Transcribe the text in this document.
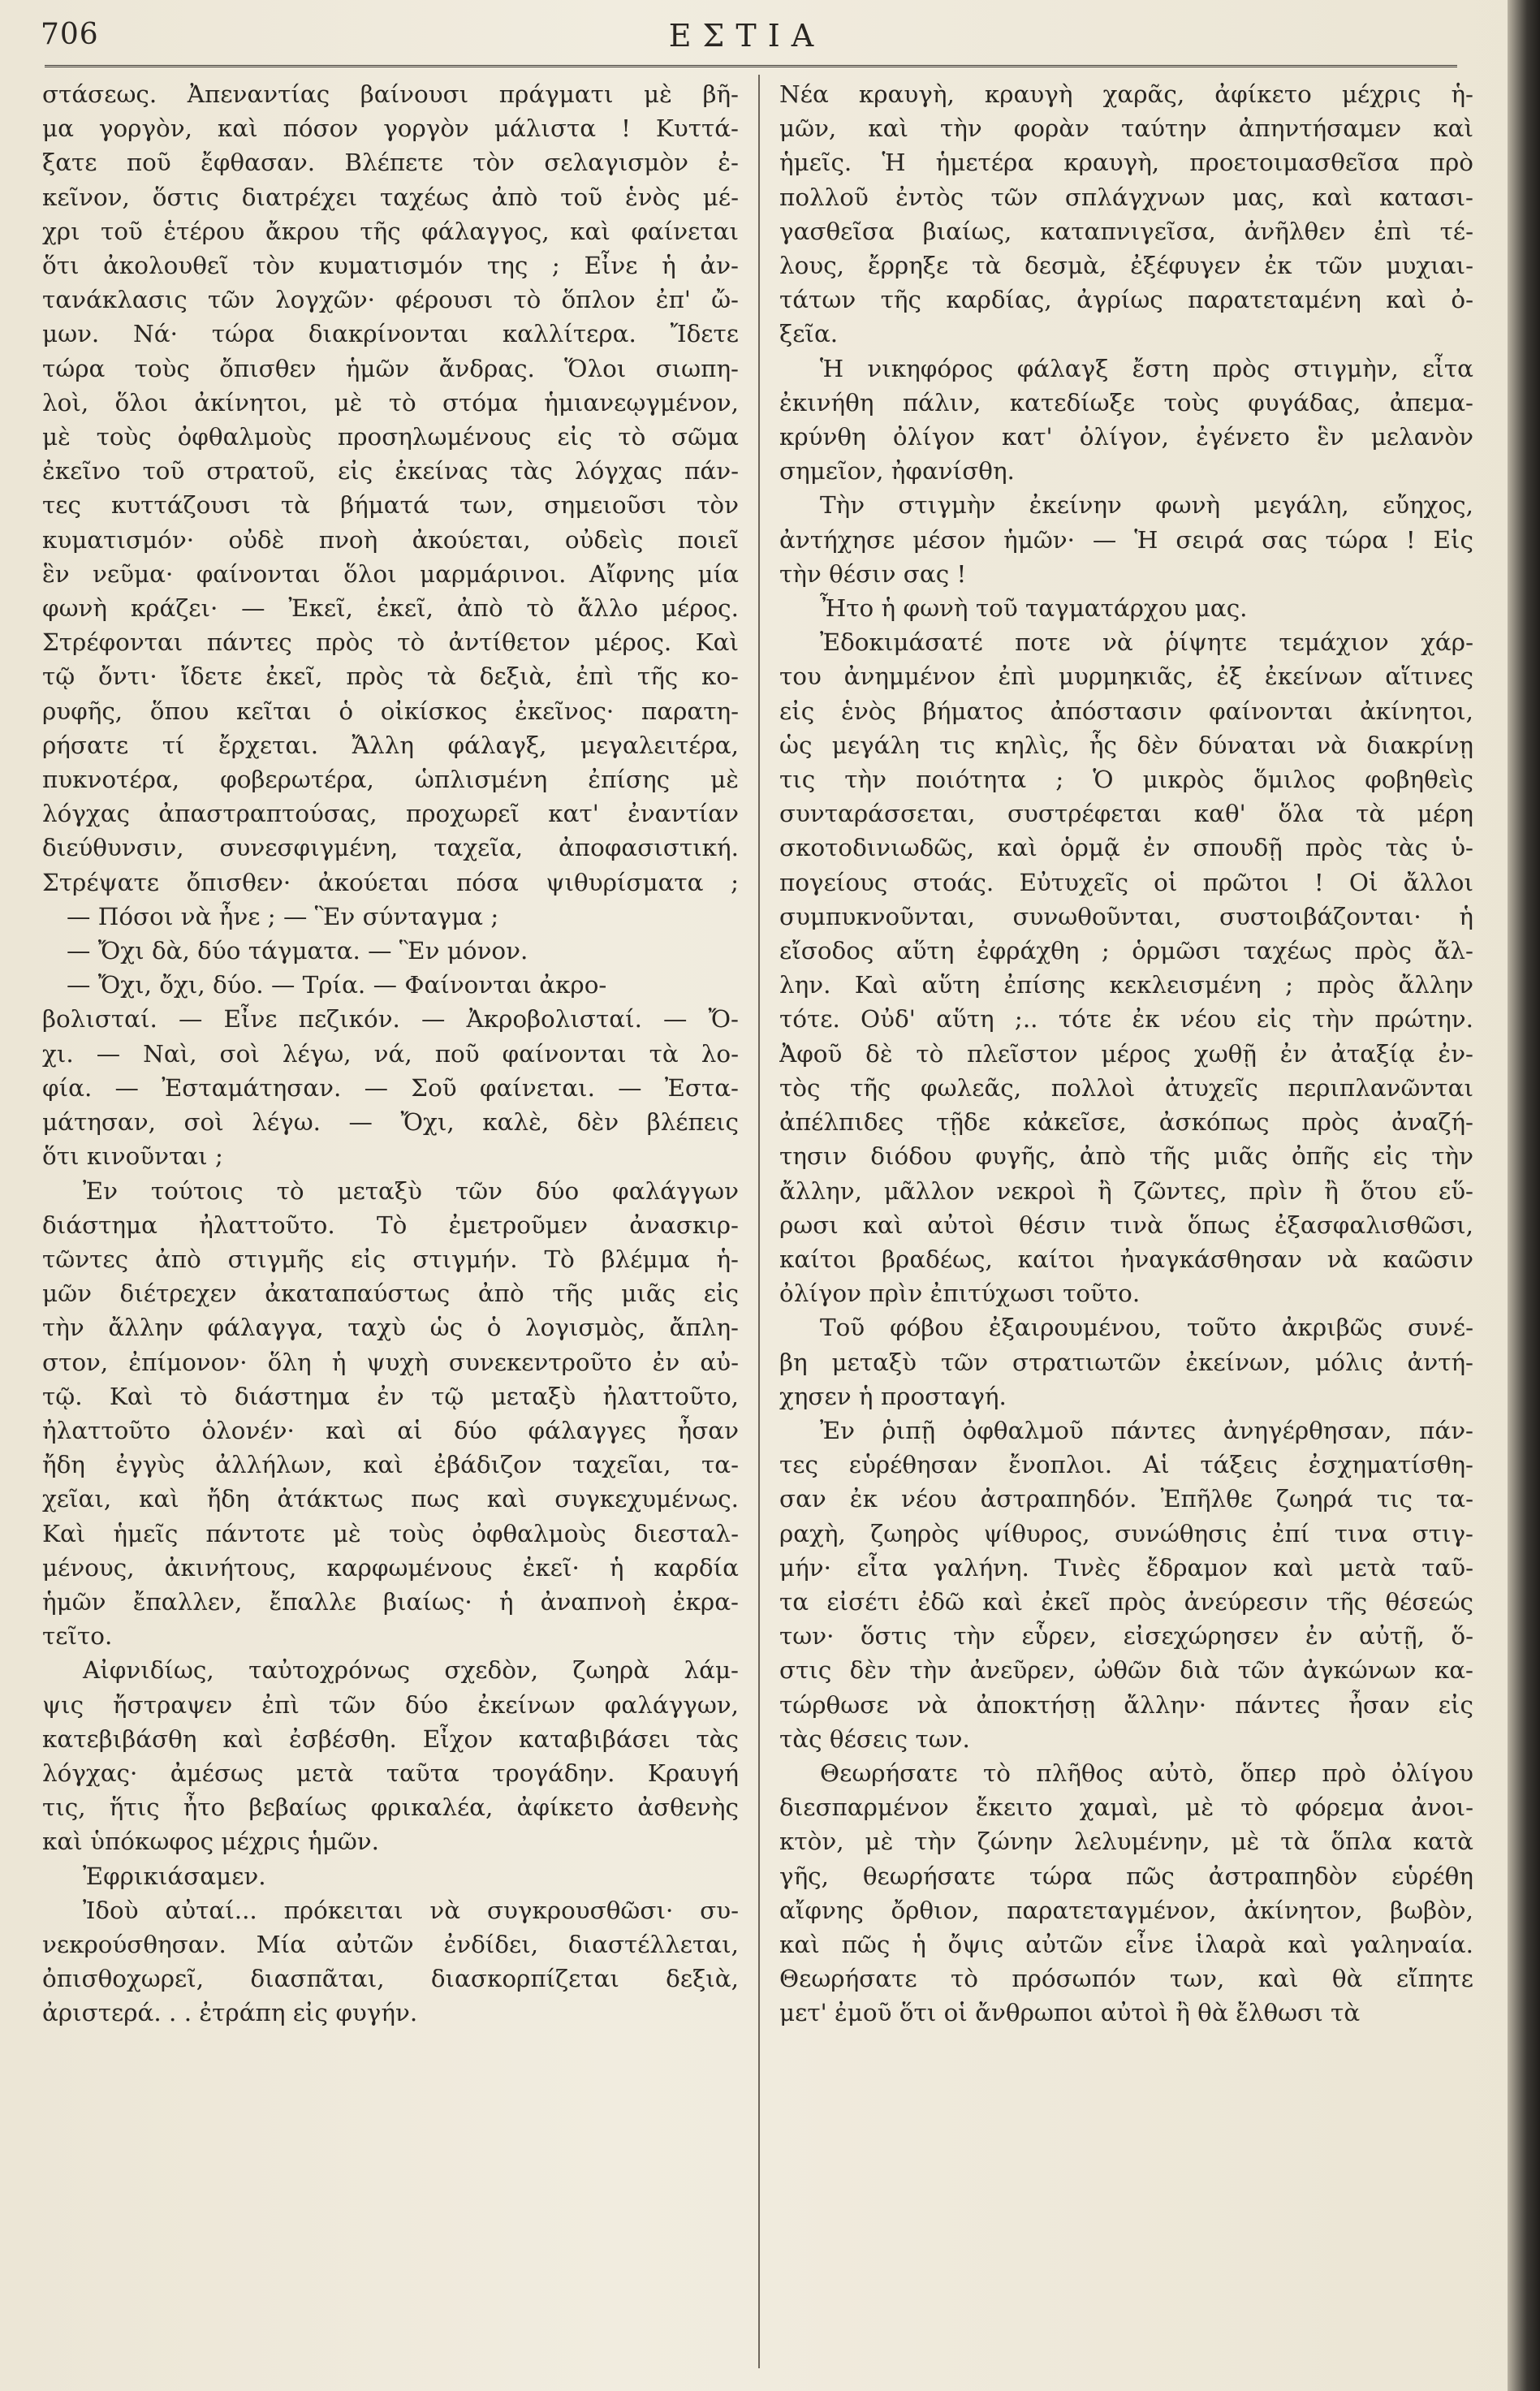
706	ΕΣΤΙΑ
στάσεως. Ἀπεναντίας βαίνουσι πράγματι μὲ βῆ-
μα γοργὸν, καὶ πόσον γοργὸν μάλιστα ! Κυττά-
ξατε ποῦ ἔφθασαν. Βλέπετε τὸν σελαγισμὸν ἐ-
κεῖνον, ὅστις διατρέχει ταχέως ἀπὸ τοῦ ἑνὸς μέ-
χρι τοῦ ἑτέρου ἄκρου τῆς φάλαγγος, καὶ φαίνεται
ὅτι ἀκολουθεῖ τὸν κυματισμόν της ; Εἶνε ἡ ἀν-
τανάκλασις τῶν λογχῶν· φέρουσι τὸ ὅπλον ἐπ' ὤ-
μων. Νά· τώρα διακρίνονται καλλίτερα. Ἴδετε
τώρα τοὺς ὄπισθεν ἡμῶν ἄνδρας. Ὅλοι σιωπη-
λοὶ, ὅλοι ἀκίνητοι, μὲ τὸ στόμα ἡμιανεῳγμένον,
μὲ τοὺς ὀφθαλμοὺς προσηλωμένους εἰς τὸ σῶμα
ἐκεῖνο τοῦ στρατοῦ, εἰς ἐκείνας τὰς λόγχας πάν-
τες κυττάζουσι τὰ βήματά των, σημειοῦσι τὸν
κυματισμόν· οὐδὲ πνοὴ ἀκούεται, οὐδεὶς ποιεῖ
ἓν νεῦμα· φαίνονται ὅλοι μαρμάρινοι. Αἴφνης μία
φωνὴ κράζει· — Ἐκεῖ, ἐκεῖ, ἀπὸ τὸ ἄλλο μέρος.
Στρέφονται πάντες πρὸς τὸ ἀντίθετον μέρος. Καὶ
τῷ ὄντι· ἴδετε ἐκεῖ, πρὸς τὰ δεξιὰ, ἐπὶ τῆς κο-
ρυφῆς, ὅπου κεῖται ὁ οἰκίσκος ἐκεῖνος· παρατη-
ρήσατε τί ἔρχεται. Ἄλλη φάλαγξ, μεγαλειτέρα,
πυκνοτέρα, φοβερωτέρα, ὡπλισμένη ἐπίσης μὲ
λόγχας ἀπαστραπτούσας, προχωρεῖ κατ' ἐναντίαν
διεύθυνσιν, συνεσφιγμένη, ταχεῖα, ἀποφασιστική.
Στρέψατε ὄπισθεν· ἀκούεται πόσα ψιθυρίσματα ;
— Πόσοι νὰ ἦνε ; — Ἓν σύνταγμα ;
— Ὄχι δὰ, δύο τάγματα. — Ἓν μόνον.
— Ὄχι, ὄχι, δύο. — Τρία. — Φαίνονται ἀκρο-
βολισταί. — Εἶνε πεζικόν. — Ἀκροβολισταί. — Ὄ-
χι. — Ναὶ, σοὶ λέγω, νά, ποῦ φαίνονται τὰ λο-
φία. — Ἐσταμάτησαν. — Σοῦ φαίνεται. — Ἐστα-
μάτησαν, σοὶ λέγω. — Ὄχι, καλὲ, δὲν βλέπεις
ὅτι κινοῦνται ;
Ἐν τούτοις τὸ μεταξὺ τῶν δύο φαλάγγων
διάστημα ἠλαττοῦτο. Τὸ ἐμετροῦμεν ἀνασκιρ-
τῶντες ἀπὸ στιγμῆς εἰς στιγμήν. Τὸ βλέμμα ἡ-
μῶν διέτρεχεν ἀκαταπαύστως ἀπὸ τῆς μιᾶς εἰς
τὴν ἄλλην φάλαγγα, ταχὺ ὡς ὁ λογισμὸς, ἄπλη-
στον, ἐπίμονον· ὅλη ἡ ψυχὴ συνεκεντροῦτο ἐν αὐ-
τῷ. Καὶ τὸ διάστημα ἐν τῷ μεταξὺ ἠλαττοῦτο,
ἠλαττοῦτο ὁλονέν· καὶ αἱ δύο φάλαγγες ἦσαν
ἤδη ἐγγὺς ἀλλήλων, καὶ ἐβάδιζον ταχεῖαι, τα-
χεῖαι, καὶ ἤδη ἀτάκτως πως καὶ συγκεχυμένως.
Καὶ ἡμεῖς πάντοτε μὲ τοὺς ὀφθαλμοὺς διεσταλ-
μένους, ἀκινήτους, καρφωμένους ἐκεῖ· ἡ καρδία
ἡμῶν ἔπαλλεν, ἔπαλλε βιαίως· ἡ ἀναπνοὴ ἐκρα-
τεῖτο.
Αἰφνιδίως, ταὐτοχρόνως σχεδὸν, ζωηρὰ λάμ-
ψις ἤστραψεν ἐπὶ τῶν δύο ἐκείνων φαλάγγων,
κατεβιβάσθη καὶ ἐσβέσθη. Εἶχον καταβιβάσει τὰς
λόγχας· ἀμέσως μετὰ ταῦτα τρογάδην. Κραυγή
τις, ἥτις ἦτο βεβαίως φρικαλέα, ἀφίκετο ἀσθενὴς
καὶ ὑπόκωφος μέχρις ἡμῶν.
Ἐφρικιάσαμεν.
Ἰδοὺ αὐταί... πρόκειται νὰ συγκρουσθῶσι· συ-
νεκρούσθησαν. Μία αὐτῶν ἐνδίδει, διαστέλλεται,
ὀπισθοχωρεῖ, διασπᾶται, διασκορπίζεται δεξιὰ,
ἀριστερά. . . ἐτράπη εἰς φυγήν.
Νέα κραυγὴ, κραυγὴ χαρᾶς, ἀφίκετο μέχρις ἡ-
μῶν, καὶ τὴν φορὰν ταύτην ἀπηντήσαμεν καὶ
ἡμεῖς. Ἡ ἡμετέρα κραυγὴ, προετοιμασθεῖσα πρὸ
πολλοῦ ἐντὸς τῶν σπλάγχνων μας, καὶ κατασι-
γασθεῖσα βιαίως, καταπνιγεῖσα, ἀνῆλθεν ἐπὶ τέ-
λους, ἔρρηξε τὰ δεσμὰ, ἐξέφυγεν ἐκ τῶν μυχιαι-
τάτων τῆς καρδίας, ἀγρίως παρατεταμένη καὶ ὀ-
ξεῖα.
Ἡ νικηφόρος φάλαγξ ἔστη πρὸς στιγμὴν, εἶτα
ἐκινήθη πάλιν, κατεδίωξε τοὺς φυγάδας, ἀπεμα-
κρύνθη ὀλίγον κατ' ὀλίγον, ἐγένετο ἓν μελανὸν
σημεῖον, ἠφανίσθη.
Τὴν στιγμὴν ἐκείνην φωνὴ μεγάλη, εὔηχος,
ἀντήχησε μέσον ἡμῶν· — Ἡ σειρά σας τώρα ! Εἰς
τὴν θέσιν σας !
Ἦτο ἡ φωνὴ τοῦ ταγματάρχου μας.
Ἐδοκιμάσατέ ποτε νὰ ῥίψητε τεμάχιον χάρ-
του ἀνημμένον ἐπὶ μυρμηκιᾶς, ἐξ ἐκείνων αἵτινες
εἰς ἑνὸς βήματος ἀπόστασιν φαίνονται ἀκίνητοι,
ὡς μεγάλη τις κηλὶς, ἧς δὲν δύναται νὰ διακρίνῃ
τις τὴν ποιότητα ; Ὁ μικρὸς ὅμιλος φοβηθεὶς
συνταράσσεται, συστρέφεται καθ' ὅλα τὰ μέρη
σκοτοδινιωδῶς, καὶ ὁρμᾷ ἐν σπουδῇ πρὸς τὰς ὑ-
πογείους στοάς. Εὐτυχεῖς οἱ πρῶτοι ! Οἱ ἄλλοι
συμπυκνοῦνται, συνωθοῦνται, συστοιβάζονται· ἡ
εἴσοδος αὕτη ἐφράχθη ; ὁρμῶσι ταχέως πρὸς ἄλ-
λην. Καὶ αὕτη ἐπίσης κεκλεισμένη ; πρὸς ἄλλην
τότε. Οὐδ' αὕτη ;.. τότε ἐκ νέου εἰς τὴν πρώτην.
Ἀφοῦ δὲ τὸ πλεῖστον μέρος χωθῇ ἐν ἀταξίᾳ ἐν-
τὸς τῆς φωλεᾶς, πολλοὶ ἀτυχεῖς περιπλανῶνται
ἀπέλπιδες τῇδε κἀκεῖσε, ἀσκόπως πρὸς ἀναζή-
τησιν διόδου φυγῆς, ἀπὸ τῆς μιᾶς ὀπῆς εἰς τὴν
ἄλλην, μᾶλλον νεκροὶ ἢ ζῶντες, πρὶν ἢ ὅτου εὕ-
ρωσι καὶ αὐτοὶ θέσιν τινὰ ὅπως ἐξασφαλισθῶσι,
καίτοι βραδέως, καίτοι ἠναγκάσθησαν νὰ καῶσιν
ὀλίγον πρὶν ἐπιτύχωσι τοῦτο.
Τοῦ φόβου ἐξαιρουμένου, τοῦτο ἀκριβῶς συνέ-
βη μεταξὺ τῶν στρατιωτῶν ἐκείνων, μόλις ἀντή-
χησεν ἡ προσταγή.
Ἐν ῥιπῇ ὀφθαλμοῦ πάντες ἀνηγέρθησαν, πάν-
τες εὑρέθησαν ἔνοπλοι. Αἱ τάξεις ἐσχηματίσθη-
σαν ἐκ νέου ἀστραπηδόν. Ἐπῆλθε ζωηρά τις τα-
ραχὴ, ζωηρὸς ψίθυρος, συνώθησις ἐπί τινα στιγ-
μήν· εἶτα γαλήνη. Τινὲς ἔδραμον καὶ μετὰ ταῦ-
τα εἰσέτι ἐδῶ καὶ ἐκεῖ πρὸς ἀνεύρεσιν τῆς θέσεώς
των· ὅστις τὴν εὗρεν, εἰσεχώρησεν ἐν αὐτῇ, ὅ-
στις δὲν τὴν ἀνεῦρεν, ὠθῶν διὰ τῶν ἀγκώνων κα-
τώρθωσε νὰ ἀποκτήσῃ ἄλλην· πάντες ἦσαν εἰς
τὰς θέσεις των.
Θεωρήσατε τὸ πλῆθος αὐτὸ, ὅπερ πρὸ ὀλίγου
διεσπαρμένον ἔκειτο χαμαὶ, μὲ τὸ φόρεμα ἀνοι-
κτὸν, μὲ τὴν ζώνην λελυμένην, μὲ τὰ ὅπλα κατὰ
γῆς, θεωρήσατε τώρα πῶς ἀστραπηδὸν εὑρέθη
αἴφνης ὄρθιον, παρατεταγμένον, ἀκίνητον, βωβὸν,
καὶ πῶς ἡ ὄψις αὐτῶν εἶνε ἱλαρὰ καὶ γαληναία.
Θεωρήσατε τὸ πρόσωπόν των, καὶ θὰ εἴπητε
μετ' ἐμοῦ ὅτι οἱ ἄνθρωποι αὐτοὶ ἢ θὰ ἔλθωσι τὰ
